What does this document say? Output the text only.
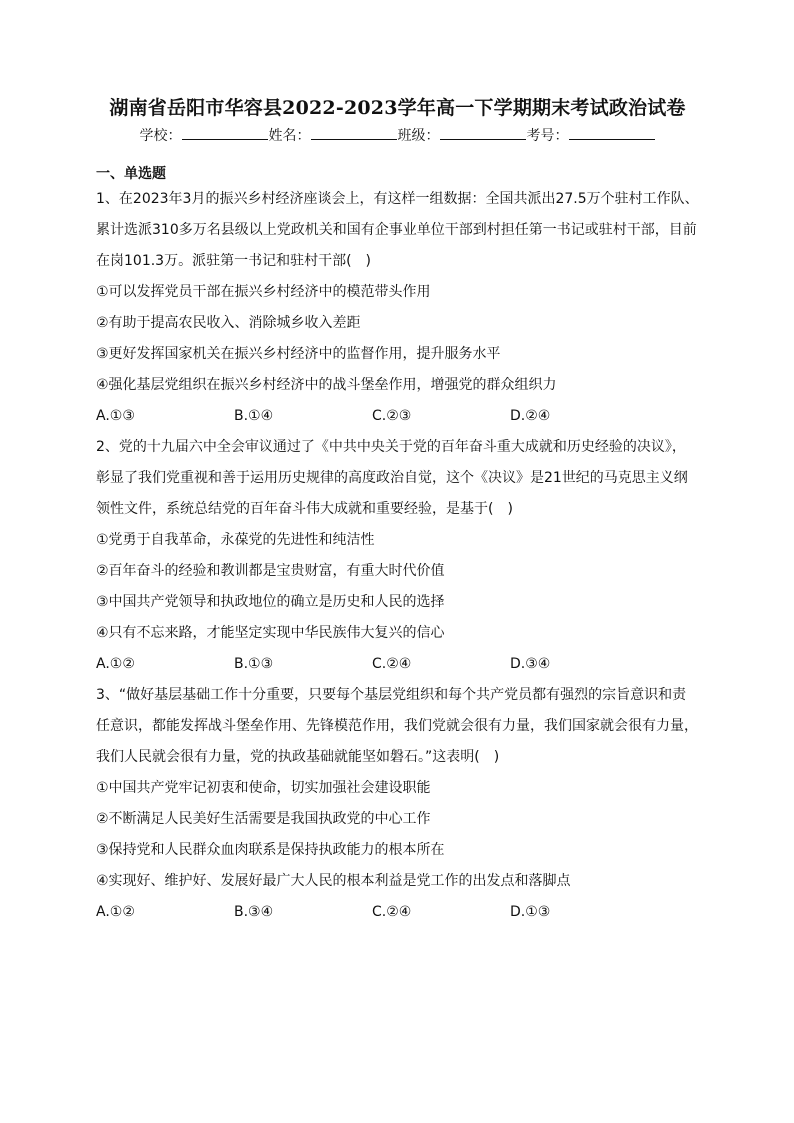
湖南省岳阳市华容县2022-2023学年高一下学期期末考试政治试卷
学校：	姓名：	班级：	考号：
一、单选题

1、在2023年3月的振兴乡村经济座谈会上，有这样一组数据：全国共派出27.5万个驻村工作队、累计选派310多万名县级以上党政机关和国有企事业单位干部到村担任第一书记或驻村干部，目前在岗101.3万。派驻第一书记和驻村干部(　)

①可以发挥党员干部在振兴乡村经济中的模范带头作用

②有助于提高农民收入、消除城乡收入差距

③更好发挥国家机关在振兴乡村经济中的监督作用，提升服务水平

④强化基层党组织在振兴乡村经济中的战斗堡垒作用，增强党的群众组织力

A.①③	B.①④	C.②③	D.②④

2、党的十九届六中全会审议通过了《中共中央关于党的百年奋斗重大成就和历史经验的决议》，彰显了我们党重视和善于运用历史规律的高度政治自觉，这个《决议》是21世纪的马克思主义纲领性文件，系统总结党的百年奋斗伟大成就和重要经验，是基于(　)

①党勇于自我革命，永葆党的先进性和纯洁性

②百年奋斗的经验和教训都是宝贵财富，有重大时代价值

③中国共产党领导和执政地位的确立是历史和人民的选择

④只有不忘来路，才能坚定实现中华民族伟大复兴的信心

A.①②	B.①③	C.②④	D.③④

3、“做好基层基础工作十分重要，只要每个基层党组织和每个共产党员都有强烈的宗旨意识和责任意识，都能发挥战斗堡垒作用、先锋模范作用，我们党就会很有力量，我们国家就会很有力量，我们人民就会很有力量，党的执政基础就能坚如磐石。”这表明(　)

①中国共产党牢记初衷和使命，切实加强社会建设职能

②不断满足人民美好生活需要是我国执政党的中心工作

③保持党和人民群众血肉联系是保持执政能力的根本所在

④实现好、维护好、发展好最广大人民的根本利益是党工作的出发点和落脚点

A.①②	B.③④	C.②④	D.①③
